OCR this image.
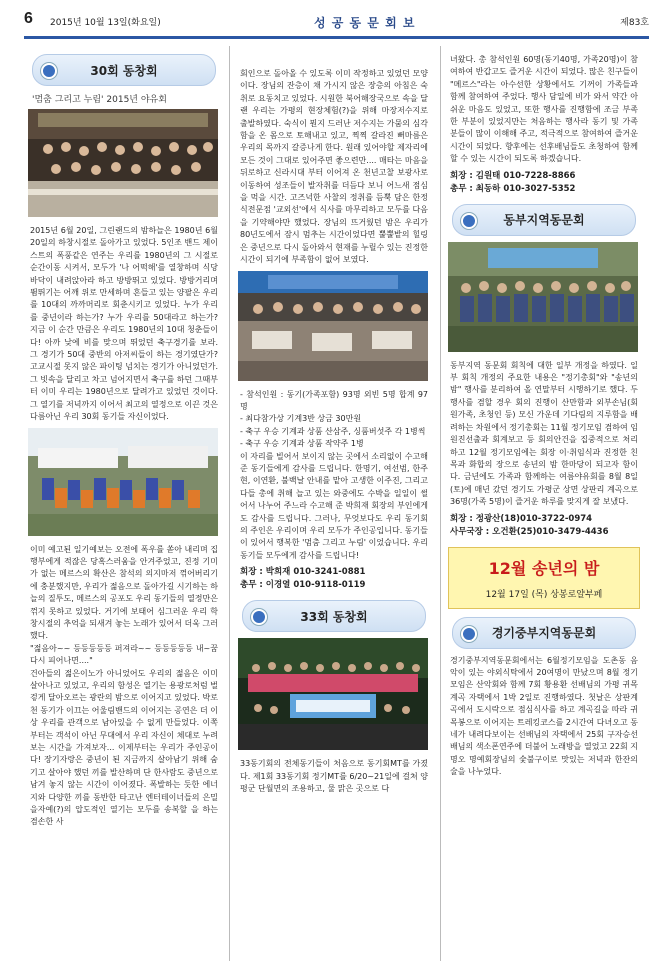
6 2015년 10월 13일(화요일)	성 공 동 문 회 보	제83호
30회 동창회
'멈춤 그리고 누림' 2015년 야유회

2015년 6월 20일, 그린랜드의 밤하늘은 1980년 6월 20일의 하창시절로 돌아가고 있었다. 5인조 밴드 제이스트의 폭풍같은 연주는 우리를 1980년의 그 시절로 순간이동 시켜서, 모두가 '나 어떡해'를 열창하며 식당 바닥이 내려앉아라 하고 방방뛰고 있었다. 방방거리며 뜀뛰기는 어깨 위로 만세하며 흔들고 있는 양팔은 우리를 10대의 까까머리로 회춘시키고 있었다. 누가 우리를 중년이라 하는가? 누가 우리를 50대라고 하는가? 지금 이 순간 만큼은 우리도 1980년의 10대 청춘들이다! 아까 낮에 비를 맞으며 뛰었던 축구경기를 보라. 그 경기가 50대 중반의 아저씨들이 하는 경기였단가? 고교시절 못지 않은 파이팅 넘치는 경기가 아니었던가. 그 빗속을 달리고 차고 넘어지면서 축구를 하던 그때부터 이미 우리는 1980년으로 달려가고 있었던 것이다. 그 열기를 저녁까지 이어서 최고의 열정으로 이끈 것은 다름아닌 우리 30회 동기들 자신이었다.

이미 예고된 일기예보는 오전에 폭우를 쏟아 내리며 집행부에게 적잖은 당혹스러움을 안겨주었고, 진정 기미가 없는 메르스의 확산은 참석의 의지마저 꺾어버리기에 충분했지만, 우리가 젊음으로 돌아가길 시기하는 하늘의 질투도, 메르스의 공포도 우리 동기들의 열정만은 꺾지 못하고 있었다. 거기에 보태어 심그러운 우리 학창시절의 추억을 되새겨 놓는 노래가 있어서 더욱 그러했다.

"젊음아~~ 등등등등등 퍼져라~~ 등등등등등 내~꿈 다시 피어나면...."

건아들의 젊은이노가 아니었어도 우리의 젊음은 이미 살아나고 있었고, 우리의 함성은 열기는 용광로처럼 벌겋게 달아오르는 광란의 밤으로 이어지고 있었다. 박로천 동기가 이끄는 어울림밴드의 이어지는 공연은 더 이상 우리를 관객으로 남아있을 수 없게 만들었다. 이쪽부터는 객석이 아닌 무대에서 우리 자신이 체대로 누려보는 시간을 가져보자... 이제부터는 우리가 주인공이다! 장기자랑은 중년이 된 지금까지 살아남기 위해 숨기고 살아야 했던 끼를 발산하며 단 한사람도 중년으로 남겨 놓지 않는 시간이 이어졌다. 폭발하는 듯한 에너지와 다양한 끼를 동반한 타고난 엔터테이너들의 은밀을자예(?)의 압도적인 열기는 모두를 송복할 을 하는 겸손한 사

회인으로 돌아올 수 있도록 이미 작정하고 있었던 모양이다. 장님의 잔층이 채 가시지 않은 장층의 아침은 숙취로 요동치고 있었다. 시원한 북어해장국으로 속을 달랜 우리는 가평의 현장체험(?)을 위해 마장저수지로 출발하였다. 숙식이 뭔지 드러난 저수지는 가뭄의 심각함을 온 몸으로 토해내고 있고, 찍찍 갈라진 뻐마름은 우리의 목까지 갈증나게 한다. 원래 있어야할 제자리에 모든 것이 그대로 있어주면 좋으련만.... 매타는 마음을 뒤로하고 신라시대 부터 이어져 온 천년고찰 보광사로 이동하여 성조들이 발자취를 더듬다 보니 어느새 점심을 먹을 시간. 고즈넉한 사찰의 정취를 듬뿍 담은 한정식전문점 '교외선'에서 식사를 마무리하고 모두를 다음을 기약해야만 했었다. 장님의 뜨거웠던 밤은 우리가 80년도에서 잠시 멈추는 시간이었다면 뿔뿔밭의 힐링은 중년으로 다시 돌아와서 현재를 누릴수 있는 진정한 시간이 되기에 부족함이 없어 보였다.

- 참석인원 : 동기(가족포함) 93명 외빈 5명 합계 97명

- 최다참가상 기계3반 상금 30만원

- 축구 우승 기계과 상품 산삼주, 싱품버섯주 각 1병씩

- 축구 우승 기계과 상품 작약주 1병

이 자리를 빌어서 보이지 않는 곳에서 소리없이 수고해 준 동기들에게 감사를 드립니다. 한명기, 여선범, 한주현, 이연환, 불백날 안내를 맡아 고생한 이주진, 그리고 다들 총에 취해 늘고 있는 와중에도 수박을 일일이 썰어서 나누어 주느라 수고해 준 박희재 회장의 부인에게도 감사를 드립니다. 그러나, 무엇보다도 우리 동기회의 주인은 우리이며 우리 모두가 주인공입니다. 동기들이 있어서 행복한 '멈춤 그리고 누림' 이었습니다. 우리 동기들 모두에게 감사를 드립니다!

회장 : 박희재 010-3241-0881
총무 : 이경열 010-9118-0119
33회 동창회

33동기회의 전체동기들이 처음으로 동기회MT를 가졌다. 제1회 33동기회 정기MT를 6/20~21일에 걸쳐 양평군 단월면의 조용하고, 물 맑은 곳으로 다

녀왔다. 총 참석인원 60명(동기40명, 가족20명)이 참여하여 반갑고도 즐거운 시간이 되었다. 많은 친구들이 "메르스"라는 아수선한 상황에서도 기꺼이 가족들과 함께 참여하여 주었다. 행사 담일에 비가 와서 약간 아쉬운 마음도 있었고, 또한 행사를 진행함에 조금 부족한 부분이 있었지만는 처음하는 행사라 동기 및 가족 분들이 많이 이해해 주고, 적극적으로 참여하여 즐거운 시간이 되었다. 향후에는 선후배님들도 초청하여 함께할 수 있는 시간이 되도록 하겠습니다.

회장 : 김원태 010-7228-8866
총무 : 최동하 010-3027-5352
동부지역동문회

동부지역 동문회 회칙에 대한 일부 개정을 하였다. 일부 회칙 개정의 주요한 내용은 "정기총회"와 "송년의 밤" 행사를 분리하여 올 연말부터 시행하기로 했다. 두 행사를 겸할 경우 회의 진행이 산만함과 외부손님(회원가족, 초청인 등) 모신 가운데 기다림의 지루함을 배려하는 차원에서 정기총회는 11월 정기모임 겸하여 임원진선출과 회계보고 등 회의안건을 집중적으로 처리하고 12월 정기모임에는 회장 이·취임식과 진정한 친목과 화합의 장으로 송년의 밤 한마당이 되고자 함이다. 금년에도 가족과 함께하는 여름야유회를 8월 8일(토)에 매년 갔던 경기도 가평군 상면 상판리 계곡으로 36명(가족 5명)이 즐거운 하루를 맞지게 잘 보냈다.

회장 : 정광산(18)010-3722-0974
사무국장 : 오건환(25)010-3479-4436
12월 송년의 밤
12월 17일 (목) 상봉로얄부페
경기중부지역동문회

경기중부지역동문회에서는 6월정기모임을 도촌동 음악이 있는 야외식탁에서 20여명이 만났으며 8월 정기모임은 산악회와 함께 7회 황용환 선배님의 가평 귀목계곡 자택에서 1박 2일로 진행하였다. 첫날은 상판계곡에서 도시락으로 점심식사를 하고 계곡길을 따라 귀목봉으로 이어지는 트레킹코스를 2시간여 다녀오고 동네가 내려다보이는 선배님의 자택에서 25회 구자승선배님의 색소폰연주에 더불어 노래방을 열었고 22회 지명오 명예회장님의 숯불구이로 맛있는 저녁과 한잔의 술을 나누었다.
